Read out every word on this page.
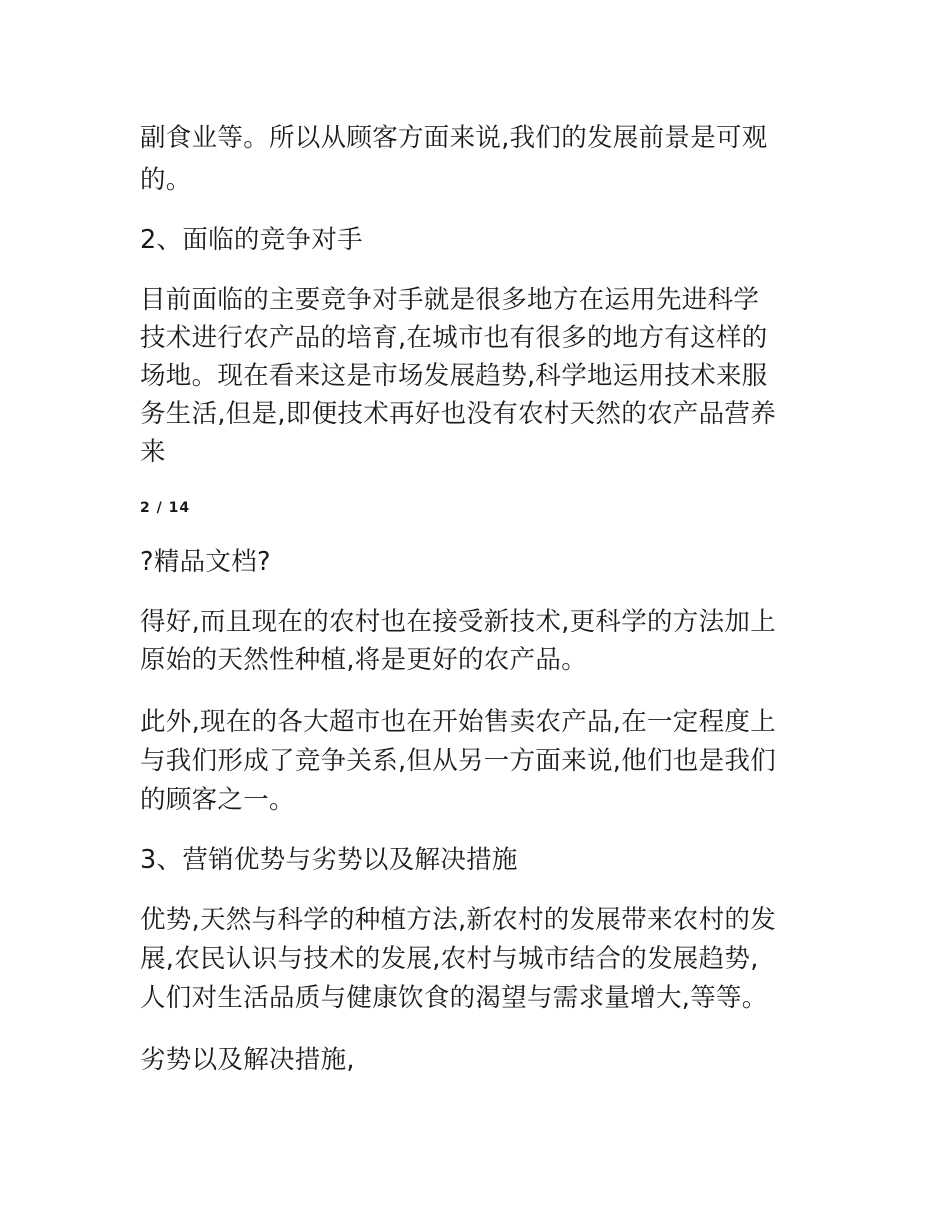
副食业等。所以从顾客方面来说,我们的发展前景是可观

的。

2、面临的竞争对手

目前面临的主要竞争对手就是很多地方在运用先进科学

技术进行农产品的培育,在城市也有很多的地方有这样的

场地。现在看来这是市场发展趋势,科学地运用技术来服

务生活,但是,即便技术再好也没有农村天然的农产品营养

来

2 / 14

?精品文档?

得好,而且现在的农村也在接受新技术,更科学的方法加上

原始的天然性种植,将是更好的农产品。

此外,现在的各大超市也在开始售卖农产品,在一定程度上

与我们形成了竞争关系,但从另一方面来说,他们也是我们

的顾客之一。

3、营销优势与劣势以及解决措施

优势,天然与科学的种植方法,新农村的发展带来农村的发

展,农民认识与技术的发展,农村与城市结合的发展趋势,

人们对生活品质与健康饮食的渴望与需求量增大,等等。

劣势以及解决措施,
